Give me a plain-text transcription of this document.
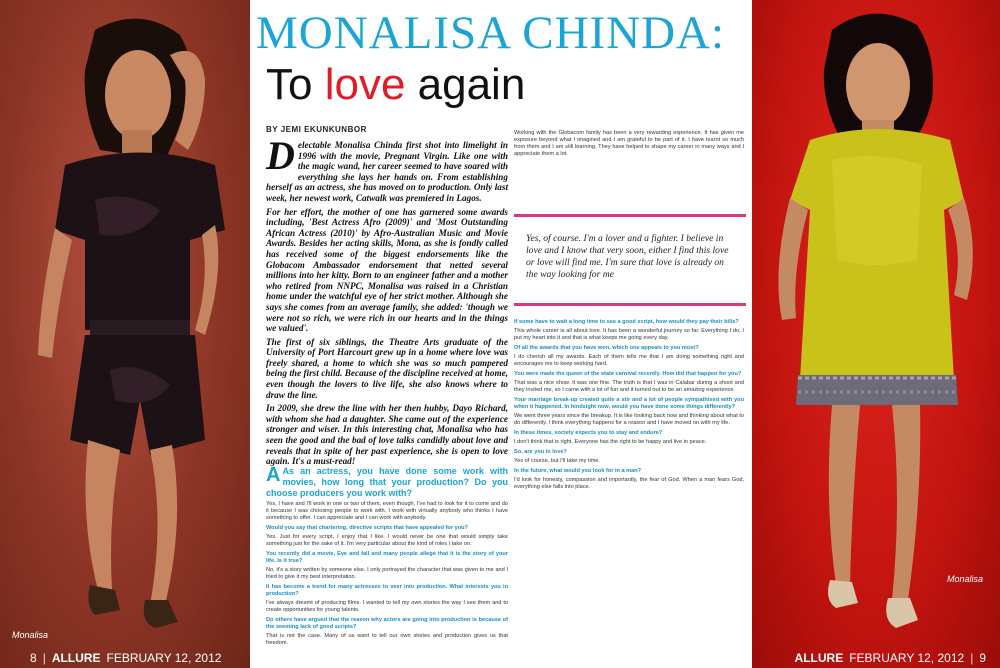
Monalisa
8 | ALLURE FEBRUARY 12, 2012
MONALISA CHINDA:
To love again
BY JEMI EKUNKUNBOR
D electable Monalisa Chinda first shot into limelight in 1996 with the movie, Pregnant Virgin. Like one with the magic wand, her career seemed to have soared with everything she lays her hands on. From establishing herself as an actress, she has moved on to production. Only last week, her newest work, Catwalk was premiered in Lagos.

For her effort, the mother of one has garnered some awards including, 'Best Actress Afro (2009)' and 'Most Outstanding African Actress (2010)' by Afro-Australian Music and Movie Awards. Besides her acting skills, Mona, as she is fondly called has received some of the biggest endorsements like the Globacom Ambassador endorsement that netted several millions into her kitty. Born to an engineer father and a mother who retired from NNPC, Monalisa was raised in a Christian home under the watchful eye of her strict mother. Although she says she comes from an average family, she added: 'though we were not so rich, we were rich in our hearts and in the things we valued'.

The first of six siblings, the Theatre Arts graduate of the University of Port Harcourt grew up in a home where love was freely shared, a home to which she was so much pampered being the first child. Because of the discipline received at home, even though the lovers to live life, she also knows where to draw the line.

In 2009, she drew the line with her then hubby, Dayo Richard, with whom she had a daughter. She came out of the experience stronger and wiser. In this interesting chat, Monalisa who has seen the good and the bad of love talks candidly about love and reveals that in spite of her past experience, she is open to love again. It's a must-read!

A As an actress, you have done some work with movies, how long that your production? Do you choose producers you work with?

Yes, I have and I'll work in one or two of them, even though, I've had to look for it to come and do it because I was choosing people to work with. I work with virtually anybody who thinks I have something to offer. I can appreciate and I can work with anybody.

Would you say that chartering, directive scripts that have appealed for you?

Yes. Just for every script, I enjoy that I like. I would never be one that would simply take something just for the sake of it. I'm very particular about the kind of roles I take on.

You recently did a movie, Eve and fall and many people allege that it is the story of your life. Is it true?

No, it's a story written by someone else. I only portrayed the character that was given to me and I tried to give it my best interpretation.

It has become a trend for many actresses to veer into production. What interests you in production?

I've always dreamt of producing films. I wanted to tell my own stories the way I see them and to create opportunities for young talents.

Do others have argued that the reason why actors are going into production is because of the seeming lack of good scripts?

That is not the case. Many of us want to tell our own stories and production gives us that freedom.

Working with the Globacom family has been a very rewarding experience. It has given me exposure beyond what I imagined and I am grateful to be part of it. I have learnt so much from them and I am still learning. They have helped to shape my career in many ways and I appreciate them a lot.

Yes, of course. I'm a lover and a fighter. I believe in love and I know that very soon, either I find this love or love will find me. I'm sure that love is already on the way looking for me

If some have to wait a long time to see a good script, how would they pay their bills?

This whole career is all about love. It has been a wonderful journey so far. Everything I do, I put my heart into it and that is what keeps me going every day.

Of all the awards that you have won, which one appeals to you most?

I do cherish all my awards. Each of them tells me that I am doing something right and encourages me to keep working hard.

You were made the queen of the state carnival recently. How did that happen for you?

That was a nice show. It was one fine. The truth is that I was in Calabar during a shoot and they invited me, so I came with a lot of fun and it turned out to be an amazing experience.

Your marriage break-up created quite a stir and a lot of people sympathised with you when it happened. In hindsight now, would you have done some things differently?

We went three years since the breakup. It is like looking back now and thinking about what to do differently. I think everything happens for a reason and I have moved on with my life.

In these times, society expects you to stay and endure?

I don't think that is right. Everyone has the right to be happy and live in peace.

So, are you in love?

Yes of course, but I'll take my time.

In the future, what would you look for in a man?

I'd look for honesty, compassion and importantly, the fear of God. When a man fears God, everything else falls into place.

Monalisa
ALLURE FEBRUARY 12, 2012 | 9
